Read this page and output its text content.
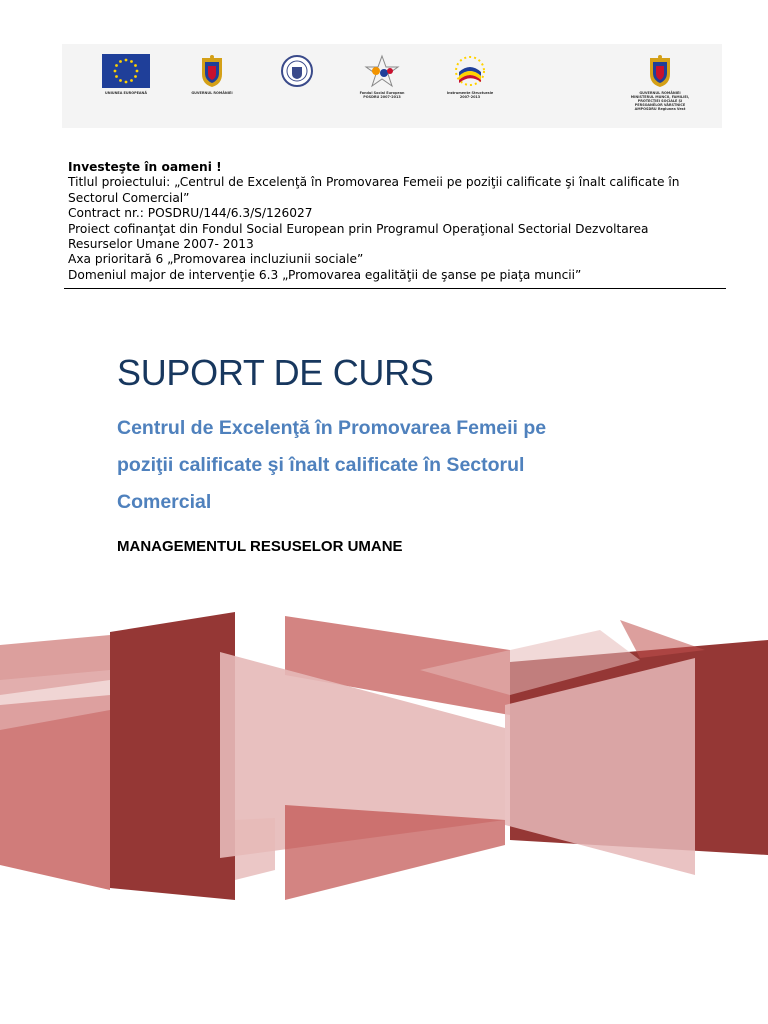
UNIUNEA EUROPEANĂ	GUVERNUL ROMÂNIEI	Fondul Social European
POSDRU 2007-2013
Instrumente Structurale
2007-2013
GUVERNUL ROMÂNIEI
MINISTERUL MUNCII, FAMILIEI,
PROTECŢIEI SOCIALE ŞI
PERSOANELOR VÂRSTNICE
AMPOSDRU Regiunea Vest
Investeşte în oameni !
Titlul proiectului: „Centrul de Excelenţă în Promovarea Femeii pe poziţii calificate şi înalt calificate în
Sectorul Comercial”
Contract nr.: POSDRU/144/6.3/S/126027
Proiect cofinanţat din Fondul Social European prin Programul Operaţional Sectorial Dezvoltarea
Resurselor Umane 2007- 2013
Axa prioritară 6 „Promovarea incluziunii sociale”
Domeniul major de intervenţie 6.3 „Promovarea egalităţii de şanse pe piaţa muncii”
SUPORT DE CURS
Centrul de Excelenţă în Promovarea Femeii pe
poziţii calificate şi înalt calificate în Sectorul
Comercial
MANAGEMENTUL RESUSELOR UMANE
